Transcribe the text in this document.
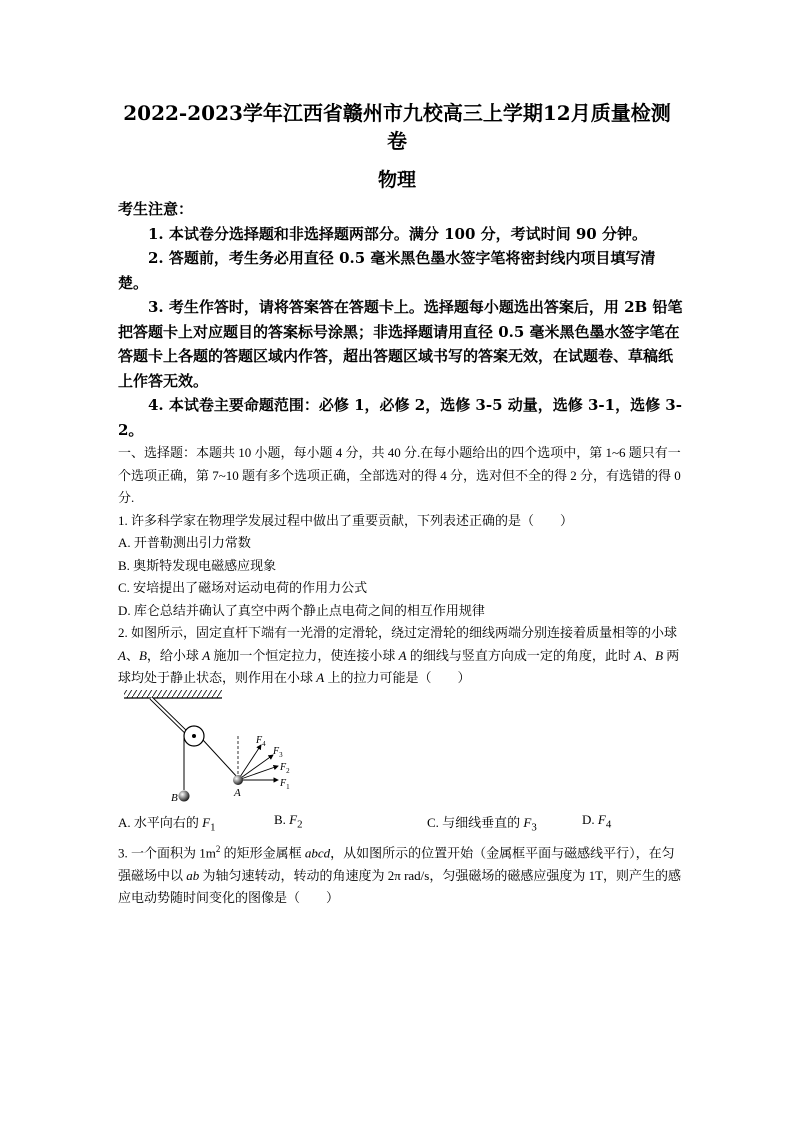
2022-2023学年江西省赣州市九校高三上学期12月质量检测
卷
物理

考生注意：

1. 本试卷分选择题和非选择题两部分。满分 100 分，考试时间 90 分钟。

2. 答题前，考生务必用直径 0.5 毫米黑色墨水签字笔将密封线内项目填写清楚。

3. 考生作答时，请将答案答在答题卡上。选择题每小题选出答案后，用 2B 铅笔把答题卡上对应题目的答案标号涂黑；非选择题请用直径 0.5 毫米黑色墨水签字笔在答题卡上各题的答题区域内作答，超出答题区域书写的答案无效，在试题卷、草稿纸上作答无效。

4. 本试卷主要命题范围：必修 1，必修 2，选修 3-5 动量，选修 3-1，选修 3-2。

一、选择题：本题共 10 小题，每小题 4 分，共 40 分.在每小题给出的四个选项中，第 1~6 题只有一个选项正确，第 7~10 题有多个选项正确，全部选对的得 4 分，选对但不全的得 2 分，有选错的得 0 分.

1. 许多科学家在物理学发展过程中做出了重要贡献，下列表述正确的是（　　）

A. 开普勒测出引力常数

B. 奥斯特发现电磁感应现象

C. 安培提出了磁场对运动电荷的作用力公式

D. 库仑总结并确认了真空中两个静止点电荷之间的相互作用规律

2. 如图所示，固定直杆下端有一光滑的定滑轮，绕过定滑轮的细线两端分别连接着质量相等的小球 A、B，给小球 A 施加一个恒定拉力，使连接小球 A 的细线与竖直方向成一定的角度，此时 A、B 两球均处于静止状态，则作用在小球 A 上的拉力可能是（　　）

A
B
$F_1$
$F_2$
$F_3$
$F_4$
A. 水平向右的 $F_1$
B. $F_2$	C. 与细线垂直的 $F_3$
D. $F_4$

3. 一个面积为 $1m^2$ 的矩形金属框 abcd，从如图所示的位置开始（金属框平面与磁感线平行），在匀强磁场中以 ab 为轴匀速转动，转动的角速度为 2π rad/s，匀强磁场的磁感应强度为 1T，则产生的感应电动势随时间变化的图像是（　　）
